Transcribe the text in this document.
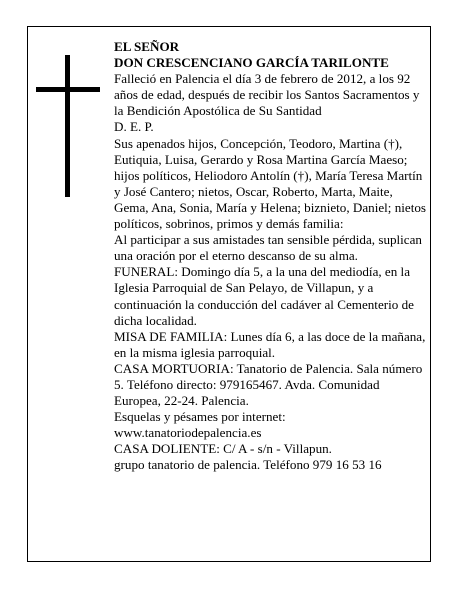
EL SEÑOR

DON CRESCENCIANO GARCÍA TARILONTE

Falleció en Palencia el día 3 de febrero de 2012, a los 92 años de edad, después de recibir los Santos Sacramentos y la Bendición Apostólica de Su Santidad

D. E. P.

Sus apenados hijos, Concepción, Teodoro, Martina (†), Eutiquia, Luisa, Gerardo y Rosa Martina García Maeso; hijos políticos, Heliodoro Antolín (†), María Teresa Martín y José Cantero; nietos, Oscar, Roberto, Marta, Maite, Gema, Ana, Sonia, María y Helena; biznieto, Daniel; nietos políticos, sobrinos, primos y demás familia:

Al participar a sus amistades tan sensible pérdida, suplican una oración por el eterno descanso de su alma.

FUNERAL: Domingo día 5, a la una del mediodía, en la Iglesia Parroquial de San Pelayo, de Villapun, y a continuación la conducción del cadáver al Cementerio de dicha localidad.

MISA DE FAMILIA: Lunes día 6, a las doce de la mañana, en la misma iglesia parroquial.

CASA MORTUORIA: Tanatorio de Palencia. Sala número 5. Teléfono directo: 979165467. Avda. Comunidad Europea, 22-24. Palencia.

Esquelas y pésames por internet:

www.tanatoriodepalencia.es

CASA DOLIENTE: C/ A - s/n - Villapun.

grupo tanatorio de palencia. Teléfono 979 16 53 16
